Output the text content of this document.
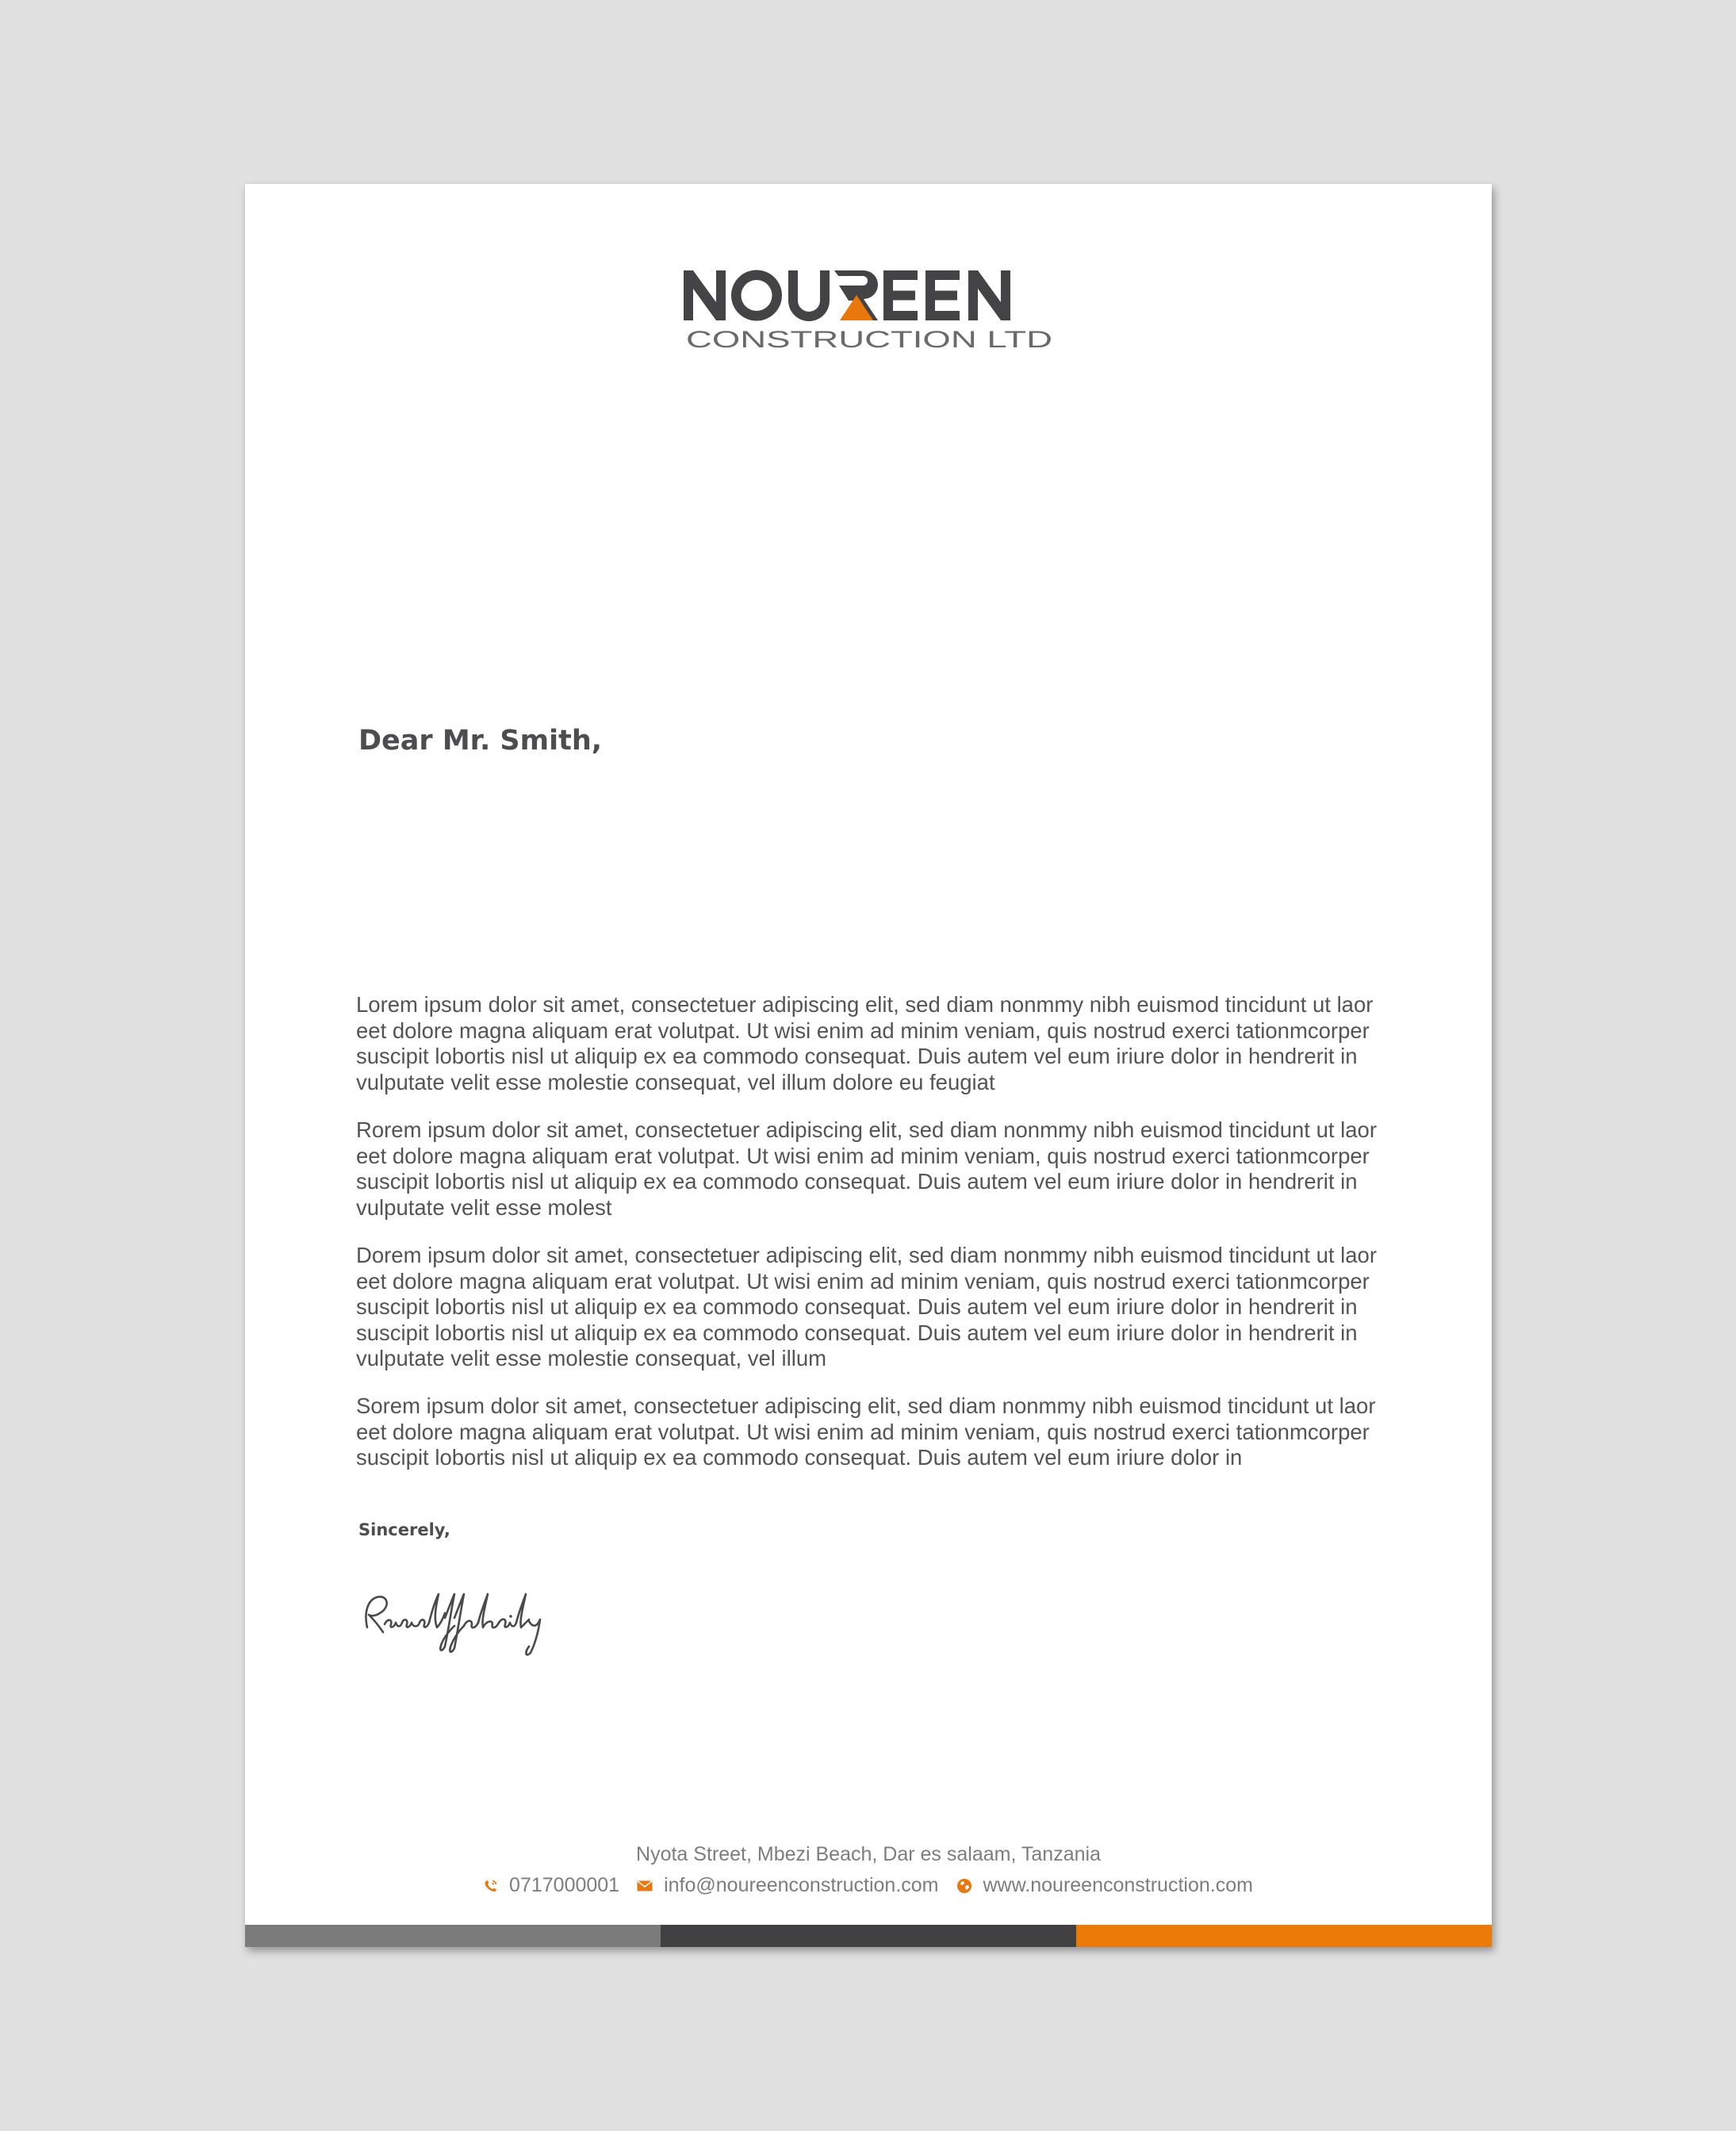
CONSTRUCTION LTD
Dear Mr. Smith,

Lorem ipsum dolor sit amet, consectetuer adipiscing elit, sed diam nonmmy nibh euismod tincidunt ut laor
eet dolore magna aliquam erat volutpat. Ut wisi enim ad minim veniam, quis nostrud exerci tationmcorper
suscipit lobortis nisl ut aliquip ex ea commodo consequat. Duis autem vel eum iriure dolor in hendrerit in
vulputate velit esse molestie consequat, vel illum dolore eu feugiat

Rorem ipsum dolor sit amet, consectetuer adipiscing elit, sed diam nonmmy nibh euismod tincidunt ut laor
eet dolore magna aliquam erat volutpat. Ut wisi enim ad minim veniam, quis nostrud exerci tationmcorper
suscipit lobortis nisl ut aliquip ex ea commodo consequat. Duis autem vel eum iriure dolor in hendrerit in
vulputate velit esse molest

Dorem ipsum dolor sit amet, consectetuer adipiscing elit, sed diam nonmmy nibh euismod tincidunt ut laor
eet dolore magna aliquam erat volutpat. Ut wisi enim ad minim veniam, quis nostrud exerci tationmcorper
suscipit lobortis nisl ut aliquip ex ea commodo consequat. Duis autem vel eum iriure dolor in hendrerit in
suscipit lobortis nisl ut aliquip ex ea commodo consequat. Duis autem vel eum iriure dolor in hendrerit in
vulputate velit esse molestie consequat, vel illum

Sorem ipsum dolor sit amet, consectetuer adipiscing elit, sed diam nonmmy nibh euismod tincidunt ut laor
eet dolore magna aliquam erat volutpat. Ut wisi enim ad minim veniam, quis nostrud exerci tationmcorper
suscipit lobortis nisl ut aliquip ex ea commodo consequat. Duis autem vel eum iriure dolor in

Sincerely,
Nyota Street, Mbezi Beach, Dar es salaam, Tanzania
0717000001 info@noureenconstruction.com www.noureenconstruction.com
